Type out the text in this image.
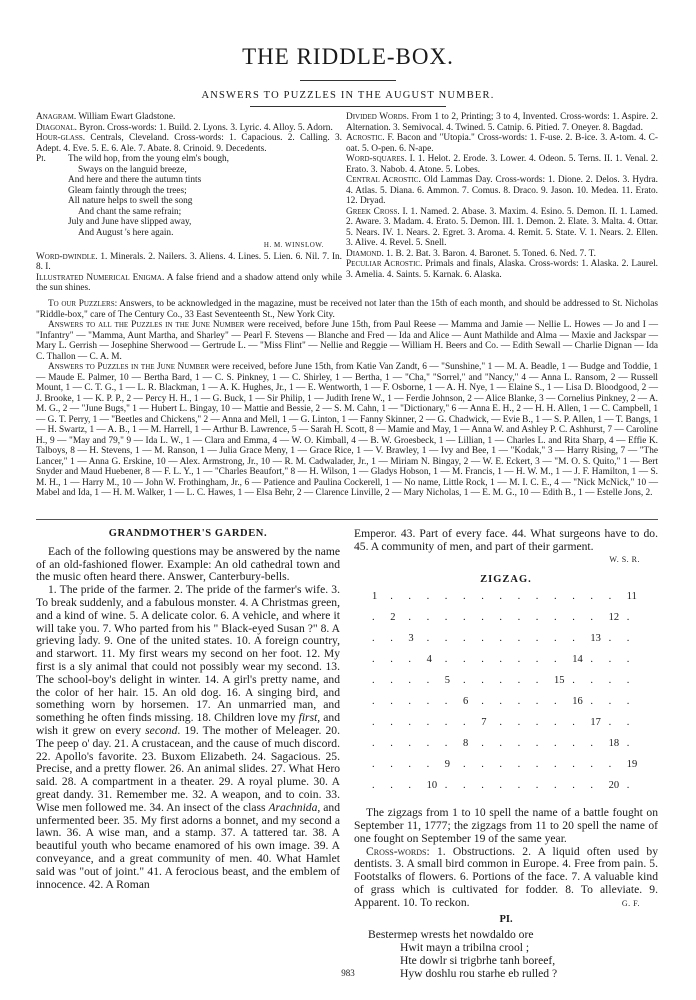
THE RIDDLE-BOX.
ANSWERS TO PUZZLES IN THE AUGUST NUMBER.

Anagram. William Ewart Gladstone.

Diagonal. Byron. Cross-words: 1. Build. 2. Lyons. 3. Lyric. 4. Alloy. 5. Adorn.

Hour-glass. Centrals, Cleveland. Cross-words: 1. Capacious. 2. Calling. 3. Adept. 4. Eve. 5. E. 6. Ale. 7. Abate. 8. Crinoid. 9. Decedents.

Pi.	The wild hop, from the young elm's bough,
Sways on the languid breeze,
And here and there the autumn tints
Gleam faintly through the trees;
All nature helps to swell the song
And chant the same refrain;
July and June have slipped away,
And August 's here again.
H. M. WINSLOW.

Word-dwindle. 1. Minerals. 2. Nailers. 3. Aliens. 4. Lines. 5. Lien. 6. Nil. 7. In. 8. I.

Illustrated Numerical Enigma. A false friend and a shadow attend only while the sun shines.

Divided Words. From 1 to 2, Printing; 3 to 4, Invented. Cross-words: 1. Aspire. 2. Alternation. 3. Semivocal. 4. Twined. 5. Catnip. 6. Pitied. 7. Oneyer. 8. Bagdad.

Acrostic. F. Bacon and "Utopia." Cross-words: 1. F-use. 2. B-ice. 3. A-tom. 4. C-oat. 5. O-pen. 6. N-ape.

Word-squares. I. 1. Helot. 2. Erode. 3. Lower. 4. Odeon. 5. Terns. II. 1. Venal. 2. Erato. 3. Nabob. 4. Atone. 5. Lobes.

Central Acrostic. Old Lammas Day. Cross-words: 1. Dione. 2. Delos. 3. Hydra. 4. Atlas. 5. Diana. 6. Ammon. 7. Comus. 8. Draco. 9. Jason. 10. Medea. 11. Erato. 12. Dryad.

Greek Cross. I. 1. Named. 2. Abase. 3. Maxim. 4. Esino. 5. Demon. II. 1. Lamed. 2. Aware. 3. Madam. 4. Erato. 5. Demon. III. 1. Demon. 2. Elate. 3. Malta. 4. Ottar. 5. Nears. IV. 1. Nears. 2. Egret. 3. Aroma. 4. Remit. 5. State. V. 1. Nears. 2. Ellen. 3. Alive. 4. Revel. 5. Snell.

Diamond. 1. B. 2. Bat. 3. Baron. 4. Baronet. 5. Toned. 6. Ned. 7. T.

Peculiar Acrostic. Primals and finals, Alaska. Cross-words: 1. Alaska. 2. Laurel. 3. Amelia. 4. Saints. 5. Karnak. 6. Alaska.

To our Puzzlers: Answers, to be acknowledged in the magazine, must be received not later than the 15th of each month, and should be addressed to St. Nicholas "Riddle-box," care of The Century Co., 33 East Seventeenth St., New York City.

Answers to all the Puzzles in the June Number were received, before June 15th, from Paul Reese — Mamma and Jamie — Nellie L. Howes — Jo and I — "Infantry" — "Mamma, Aunt Martha, and Sharley" — Pearl F. Stevens — Blanche and Fred — Ida and Alice — Aunt Mathilde and Alma — Maxie and Jackspar — Mary L. Gerrish — Josephine Sherwood — Gertrude L. — "Miss Flint" — Nellie and Reggie — William H. Beers and Co. — Edith Sewall — Charlie Dignan — Ida C. Thallon — C. A. M.

Answers to Puzzles in the June Number were received, before June 15th, from Katie Van Zandt, 6 — "Sunshine," 1 — M. A. Beadle, 1 — Budge and Toddie, 1 — Maude E. Palmer, 10 — Bertha Bard, 1 — C. S. Pinkney, 1 — C. Shirley, 1 — Bertha, 1 — "Cha," "Sorrel," and "Nancy," 4 — Anna L. Ransom, 2 — Russell Mount, 1 — C. T. G., 1 — L. R. Blackman, 1 — A. K. Hughes, Jr., 1 — E. Wentworth, 1 — F. Osborne, 1 — A. H. Nye, 1 — Elaine S., 1 — Lisa D. Bloodgood, 2 — J. Brooke, 1 — K. P. P., 2 — Percy H. H., 1 — G. Buck, 1 — Sir Philip, 1 — Judith Irene W., 1 — Ferdie Johnson, 2 — Alice Blanke, 3 — Cornelius Pinkney, 2 — A. M. G., 2 — "June Bugs," 1 — Hubert L. Bingay, 10 — Mattie and Bessie, 2 — S. M. Cahn, 1 — "Dictionary," 6 — Anna E. H., 2 — H. H. Allen, 1 — C. Campbell, 1 — G. T. Perry, 1 — "Beetles and Chickens," 2 — Anna and Mell, 1 — G. Linton, 1 — Fanny Skinner, 2 — G. Chadwick, — Evie B., 1 — S. P. Allen, 1 — T. Bangs, 1 — H. Swartz, 1 — A. B., 1 — M. Harrell, 1 — Arthur B. Lawrence, 5 — Sarah H. Scott, 8 — Mamie and May, 1 — Anna W. and Ashley P. C. Ashhurst, 7 — Caroline H., 9 — "May and 79," 9 — Ida L. W., 1 — Clara and Emma, 4 — W. O. Kimball, 4 — B. W. Groesbeck, 1 — Lillian, 1 — Charles L. and Rita Sharp, 4 — Effie K. Talboys, 8 — H. Stevens, 1 — M. Ranson, 1 — Julia Grace Meny, 1 — Grace Rice, 1 — V. Brawley, 1 — Ivy and Bee, 1 — "Kodak," 3 — Harry Rising, 7 — "The Lancer," 1 — Anna G. Erskine, 10 — Alex. Armstrong, Jr., 10 — R. M. Cadwalader, Jr., 1 — Miriam N. Bingay, 2 — W. E. Eckert, 3 — "M. O. S. Quito," 1 — Bert Snyder and Maud Huebener, 8 — F. L. Y., 1 — "Charles Beaufort," 8 — H. Wilson, 1 — Gladys Hobson, 1 — M. Francis, 1 — H. W. M., 1 — J. F. Hamilton, 1 — S. M. H., 1 — Harry M., 10 — John W. Frothingham, Jr., 6 — Patience and Paulina Cockerell, 1 — No name, Little Rock, 1 — M. I. C. E., 4 — "Nick McNick," 10 — Mabel and Ida, 1 — H. M. Walker, 1 — L. C. Hawes, 1 — Elsa Behr, 2 — Clarence Linville, 2 — Mary Nicholas, 1 — E. M. G., 10 — Edith B., 1 — Estelle Jons, 2.

GRANDMOTHER'S GARDEN.

Each of the following questions may be answered by the name of an old-fashioned flower. Example: An old cathedral town and the music often heard there. Answer, Canterbury-bells.

1. The pride of the farmer. 2. The pride of the farmer's wife. 3. To break suddenly, and a fabulous monster. 4. A Christmas green, and a kind of wine. 5. A delicate color. 6. A vehicle, and where it will take you. 7. Who parted from his " Black-eyed Susan ?" 8. A grieving lady. 9. One of the united states. 10. A foreign country, and starwort. 11. My first wears my second on her foot. 12. My first is a sly animal that could not possibly wear my second. 13. The school-boy's delight in winter. 14. A girl's pretty name, and the color of her hair. 15. An old dog. 16. A singing bird, and something worn by horsemen. 17. An unmarried man, and something he often finds missing. 18. Children love my first, and wish it grew on every second. 19. The mother of Meleager. 20. The peep o' day. 21. A crustacean, and the cause of much discord. 22. Apollo's favorite. 23. Buxom Elizabeth. 24. Sagacious. 25. Precise, and a pretty flower. 26. An animal slides. 27. What Hero said. 28. A compartment in a theater. 29. A royal plume. 30. A great dandy. 31. Remember me. 32. A weapon, and to coin. 33. Wise men followed me. 34. An insect of the class Arachnida, and unfermented beer. 35. My first adorns a bonnet, and my second a lawn. 36. A wise man, and a stamp. 37. A tattered tar. 38. A beautiful youth who became enamored of his own image. 39. A conveyance, and a great community of men. 40. What Hamlet said was "out of joint." 41. A ferocious beast, and the emblem of innocence. 42. A Roman

Emperor. 43. Part of every face. 44. What surgeons have to do. 45. A community of men, and part of their garment.

W. S. R.
ZIGZAG.
1 . . . . . . . . . . . . . 11
. 2 . . . . . . . . . . . 12 .
. . 3 . . . . . . . . . 13 . .
. . . 4 . . . . . . . 14 . . .
. . . . 5 . . . . . 15 . . . .
. . . . . 6 . . . . . 16 . . .
. . . . . . 7 . . . . . 17 . .
. . . . . 8 . . . . . . . 18 .
. . . . 9 . . . . . . . . . 19
. . . 10 . . . . . . . . . 20 .

The zigzags from 1 to 10 spell the name of a battle fought on September 11, 1777; the zigzags from 11 to 20 spell the name of one fought on September 19 of the same year.

Cross-words: 1. Obstructions. 2. A liquid often used by dentists. 3. A small bird common in Europe. 4. Free from pain. 5. Footstalks of flowers. 6. Portions of the face. 7. A valuable kind of grass which is cultivated for fodder. 8. To alleviate. 9. Apparent. 10. To reckon.	G. F.
PI.
Bestermep wrests het nowdaldo ore
Hwit mayn a tribilna crool ;
Hte dowlr si trigbrhe tanh boreef,
Hyw doshlu rou starhe eb rulled ?
983
